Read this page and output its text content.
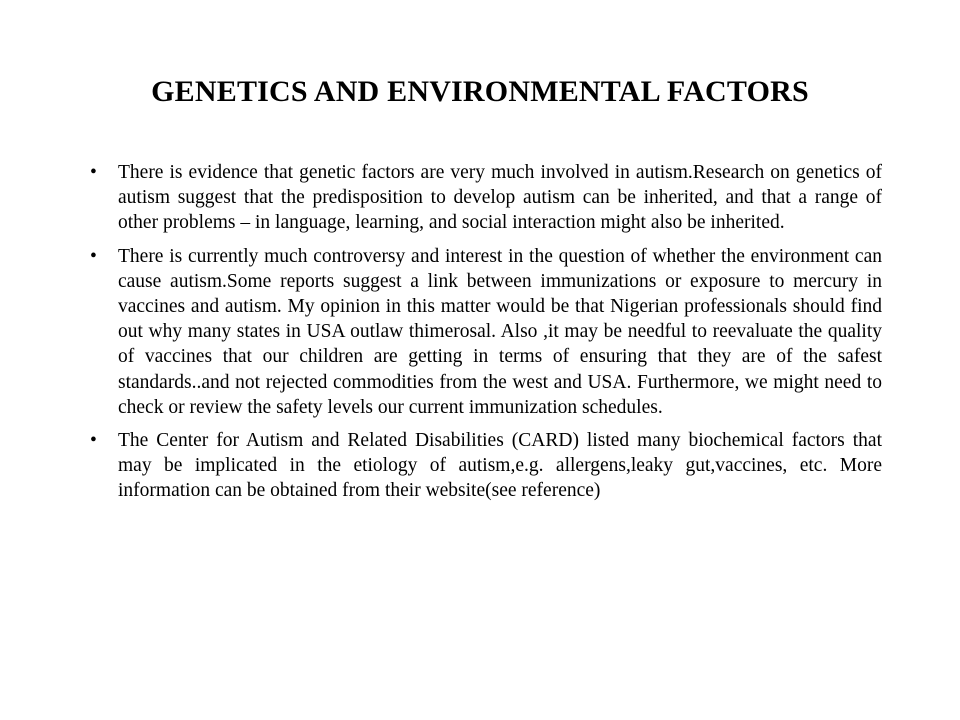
GENETICS AND ENVIRONMENTAL FACTORS
•	There is evidence that genetic factors are very much involved in autism.Research on genetics of autism suggest that the predisposition to develop autism can be inherited, and that a range of other problems – in language, learning, and social interaction might also be inherited.
•	There is currently much controversy and interest in the question of whether the environment can cause autism.Some reports suggest a link between immunizations or exposure to mercury in vaccines and autism. My opinion in this matter would be that Nigerian professionals should find out why many states in USA outlaw thimerosal. Also ,it may be needful to reevaluate the quality of vaccines that our children are getting in terms of ensuring that they are of the safest standards..and not rejected commodities from the west and USA. Furthermore, we might need to check or review the safety levels our current immunization schedules.
•	The Center for Autism and Related Disabilities (CARD) listed many biochemical factors that may be implicated in the etiology of autism,e.g. allergens,leaky gut,vaccines, etc. More information can be obtained from their website(see reference)
